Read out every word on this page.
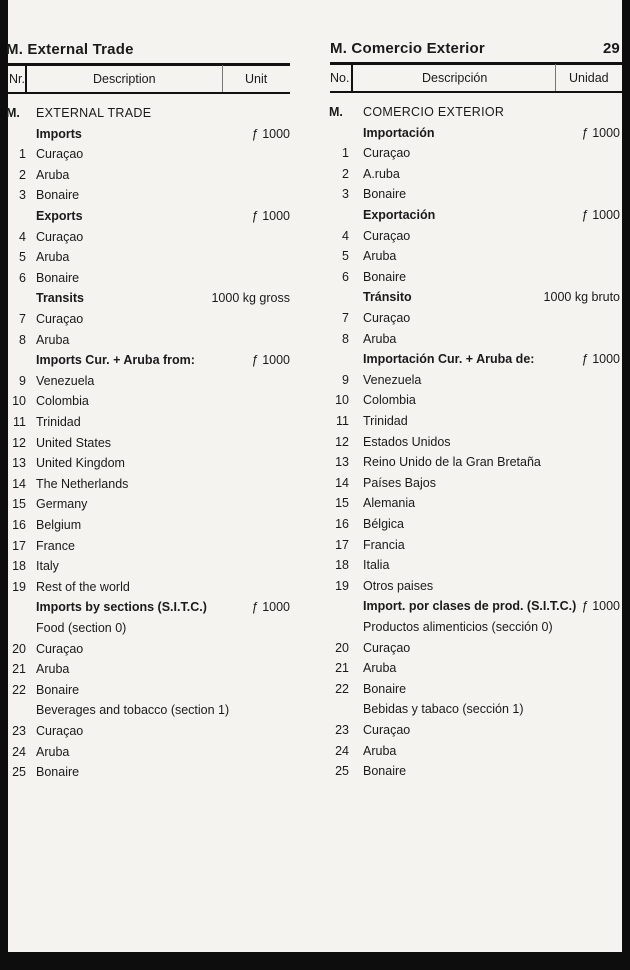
M. External Trade
Nr.	Description	Unit
M.	EXTERNAL TRADE
Imports	ƒ 1000
1 Curaçao
2 Aruba
3 Bonaire
Exports	ƒ 1000
4 Curaçao
5 Aruba
6 Bonaire
Transits	1000 kg gross
7 Curaçao
8 Aruba
Imports Cur. + Aruba from:	ƒ 1000
9 Venezuela
10 Colombia
11 Trinidad
12 United States
13 United Kingdom
14 The Netherlands
15 Germany
16 Belgium
17 France
18 Italy
19 Rest of the world
Imports by sections (S.I.T.C.)	ƒ 1000
Food (section 0)
20 Curaçao
21 Aruba
22 Bonaire
Beverages and tobacco (section 1)
23 Curaçao
24 Aruba
25 Bonaire
M. Comercio Exterior	29
No.	Descripción	Unidad
M.	COMERCIO EXTERIOR
Importación	ƒ 1000
1 Curaçao
2 A.ruba
3 Bonaire
Exportación	ƒ 1000
4 Curaçao
5 Aruba
6 Bonaire
Tránsito	1000 kg bruto
7 Curaçao
8 Aruba
Importación Cur. + Aruba de:	ƒ 1000
9 Venezuela
10 Colombia
11 Trinidad
12 Estados Unidos
13 Reino Unido de la Gran Bretaña
14 Países Bajos
15 Alemania
16 Bélgica
17 Francia
18 Italia
19 Otros paises
Import. por clases de prod. (S.I.T.C.) ƒ 1000
Productos alimenticios (sección 0)
20 Curaçao
21 Aruba
22 Bonaire
Bebidas y tabaco (sección 1)
23 Curaçao
24 Aruba
25 Bonaire
